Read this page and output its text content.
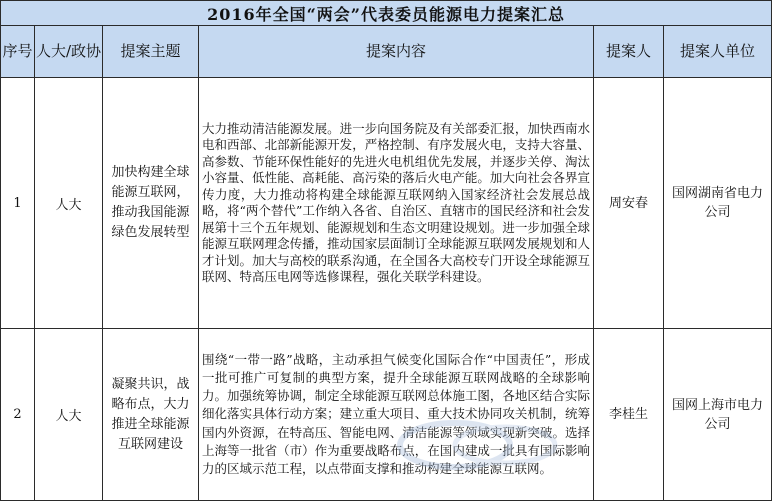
2016年全国“两会”代表委员能源电力提案汇总					
序号	人大/政协	提案主题	提案内容	提案人	提案人单位
1	人大	加快构建全球能源互联网，推动我国能源绿色发展转型	大力推动清洁能源发展。进一步向国务院及有关部委汇报，加快西南水电和西部、北部新能源开发，严格控制、有序发展火电，支持大容量、高参数、节能环保性能好的先进火电机组优先发展，并逐步关停、淘汰小容量、低性能、高耗能、高污染的落后火电产能。加大向社会各界宣传力度，大力推动将构建全球能源互联网纳入国家经济社会发展总战略，将“两个替代”工作纳入各省、自治区、直辖市的国民经济和社会发展第十三个五年规划、能源规划和生态文明建设规划。进一步加强全球能源互联网理念传播，推动国家层面制订全球能源互联网发展规划和人才计划。加大与高校的联系沟通，在全国各大高校专门开设全球能源互联网、特高压电网等选修课程，强化关联学科建设。	周安春	国网湖南省电力公司
2	人大	凝聚共识，战略布点，大力推进全球能源互联网建设	围绕“一带一路”战略，主动承担气候变化国际合作“中国责任”，形成一批可推广可复制的典型方案，提升全球能源互联网战略的全球影响力。加强统筹协调，制定全球能源互联网总体施工图，各地区结合实际细化落实具体行动方案；建立重大项目、重大技术协同攻关机制，统筹国内外资源，在特高压、智能电网、清洁能源等领域实现新突破。选择上海等一批省（市）作为重要战略布点，在国内建成一批具有国际影响力的区域示范工程，以点带面支撑和推动构建全球能源互联网。	李桂生	国网上海市电力公司
